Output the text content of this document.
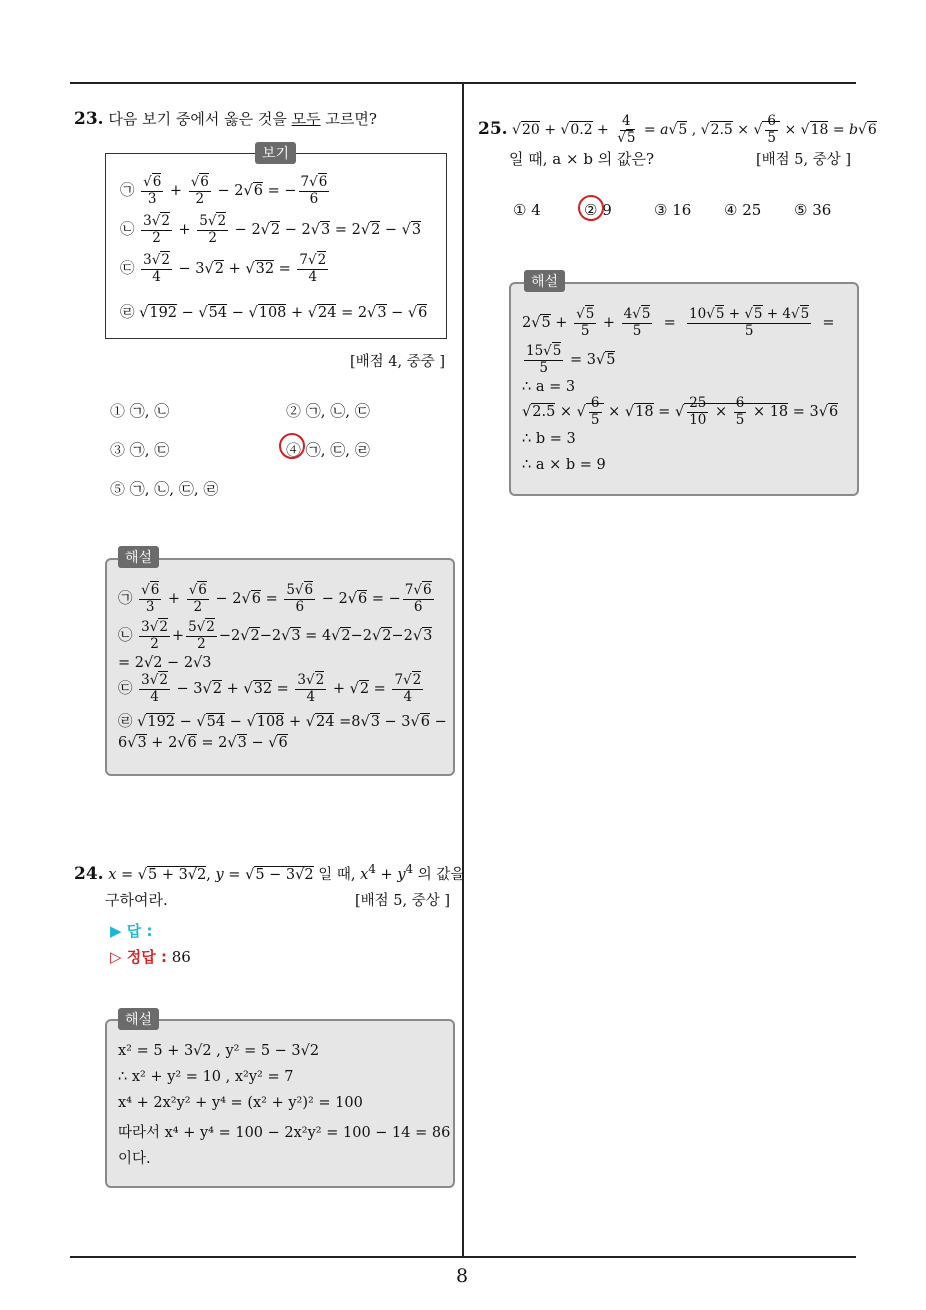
23. 다음 보기 중에서 옳은 것을 모두 고르면?
보기
㉠ $\frac{√6}{3} + \frac{√6}{2} - 2√6$ = − $\frac{7√6}{6}$
㉡ $\frac{3√2}{2} + \frac{5√2}{2} - 2√2 - 2√3 = 2√2 - √3$
㉢ $\frac{3√2}{4} - 3√2 + √32 = \frac{7√2}{4}$
㉣ √192 − √54 − √108 + √24 = 2√3 − √6
[배점 4, 중중 ]
① ㉠, ㉡	② ㉠, ㉡, ㉢
③ ㉠, ㉢	④ ㉠, ㉢, ㉣
⑤ ㉠, ㉡, ㉢, ㉣
해설
㉠ $\frac{√6}{3} + \frac{√6}{2} - 2√6 = \frac{5√6}{6} - 2√6$ = − $\frac{7√6}{6}$
㉡ $\frac{3√2}{2} + \frac{5√2}{2} -2√2-2√3 = 4√2-2√2-2√3$
= 2√2 − 2√3
㉢ $\frac{3√2}{4} - 3√2 + √32 = \frac{3√2}{4} + √2 = \frac{7√2}{4}$
㉣ √192 − √54 − √108 + √24 =8√3 − 3√6 −
6√3 + 2√6 = 2√3 − √6
24. x = √5 + 3√2, y = √5 − 3√2 일 때, $x^4 + y^4$ 의 값을
구하여라.	[배점 5, 중상 ]
▶ 답 :
▷ 정답 : 86
해설
x² = 5 + 3√2 , y² = 5 − 3√2
∴ x² + y² = 10 , x²y² = 7
x⁴ + 2x²y² + y⁴ = (x² + y²)² = 100
따라서 x⁴ + y⁴ = 100 − 2x²y² = 100 − 14 = 86
이다.
25. $√20 + √0.2 + \frac{4}{√5} = a√5$ , √2.5 × √ $\frac{6}{5} \times √18 = b√6$
일 때, a × b 의 값은?	[배점 5, 중상 ]
① 4	② 9	③ 16 ④ 25 ⑤ 36
해설
$2√5 + \frac{√5}{5} + \frac{4√5}{5} = \frac{10√5 + √5 + 4√5}{5}$ =
$\frac{15√5}{5} = 3√5$
∴ a = 3
√2.5 × √ $\frac{6}{5} \times √18$ = √ $\frac{25}{10} \times \frac{6}{5} \times 18 = 3√6$
∴ b = 3
∴ a × b = 9
8
